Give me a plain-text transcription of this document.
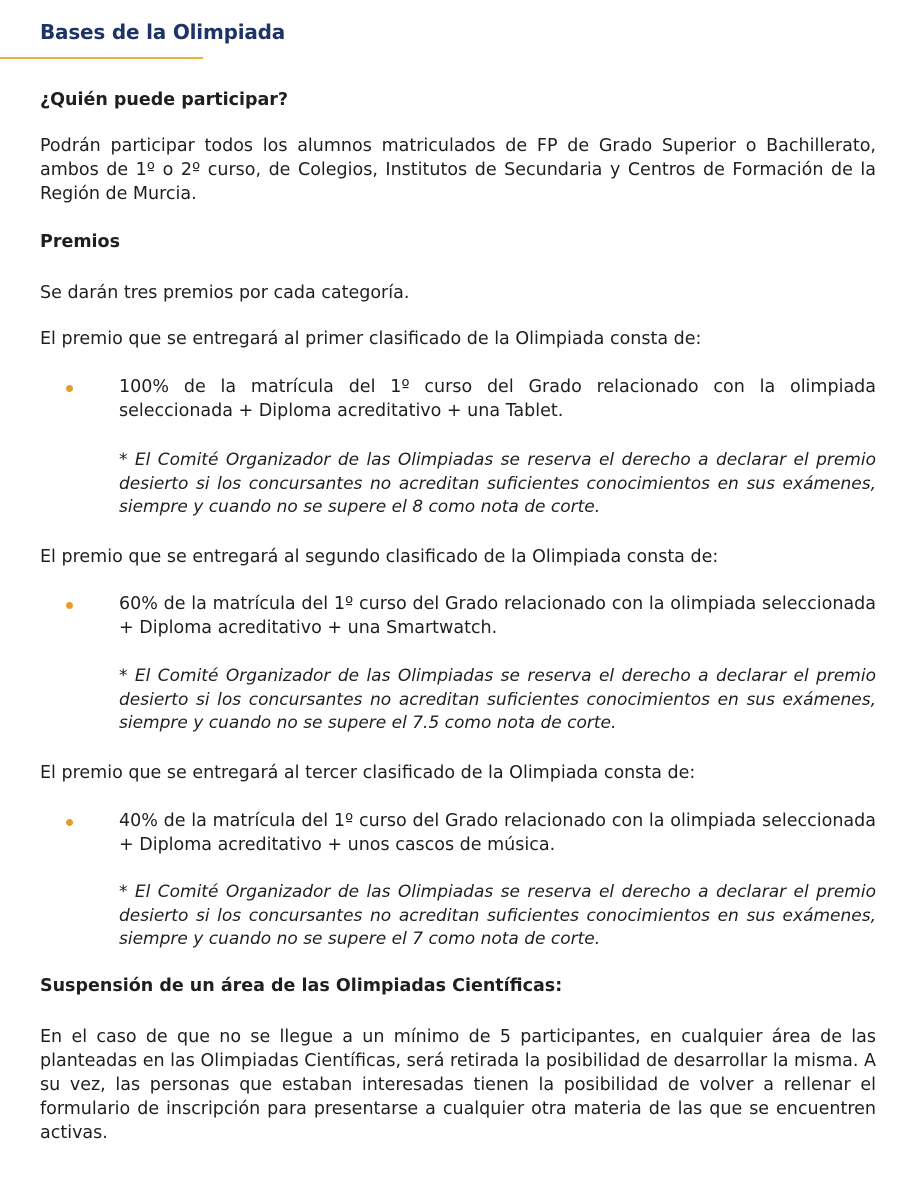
Bases de la Olimpiada
¿Quién puede participar?
Podrán participar todos los alumnos matriculados de FP de Grado Superior o Bachillerato, ambos de 1º o 2º curso, de Colegios, Institutos de Secundaria y Centros de Formación de la Región de Murcia.
Premios
Se darán tres premios por cada categoría.
El premio que se entregará al primer clasificado de la Olimpiada consta de:
100% de la matrícula del 1º curso del Grado relacionado con la olimpiada seleccionada + Diploma acreditativo + una Tablet.
* El Comité Organizador de las Olimpiadas se reserva el derecho a declarar el premio desierto si los concursantes no acreditan suficientes conocimientos en sus exámenes, siempre y cuando no se supere el 8 como nota de corte.
El premio que se entregará al segundo clasificado de la Olimpiada consta de:
60% de la matrícula del 1º curso del Grado relacionado con la olimpiada seleccionada + Diploma acreditativo + una Smartwatch.
* El Comité Organizador de las Olimpiadas se reserva el derecho a declarar el premio desierto si los concursantes no acreditan suficientes conocimientos en sus exámenes, siempre y cuando no se supere el 7.5 como nota de corte.
El premio que se entregará al tercer clasificado de la Olimpiada consta de:
40% de la matrícula del 1º curso del Grado relacionado con la olimpiada seleccionada + Diploma acreditativo + unos cascos de música.
* El Comité Organizador de las Olimpiadas se reserva el derecho a declarar el premio desierto si los concursantes no acreditan suficientes conocimientos en sus exámenes, siempre y cuando no se supere el 7 como nota de corte.
Suspensión de un área de las Olimpiadas Científicas:
En el caso de que no se llegue a un mínimo de 5 participantes, en cualquier área de las planteadas en las Olimpiadas Científicas, será retirada la posibilidad de desarrollar la misma. A su vez, las personas que estaban interesadas tienen la posibilidad de volver a rellenar el formulario de inscripción para presentarse a cualquier otra materia de las que se encuentren activas.
